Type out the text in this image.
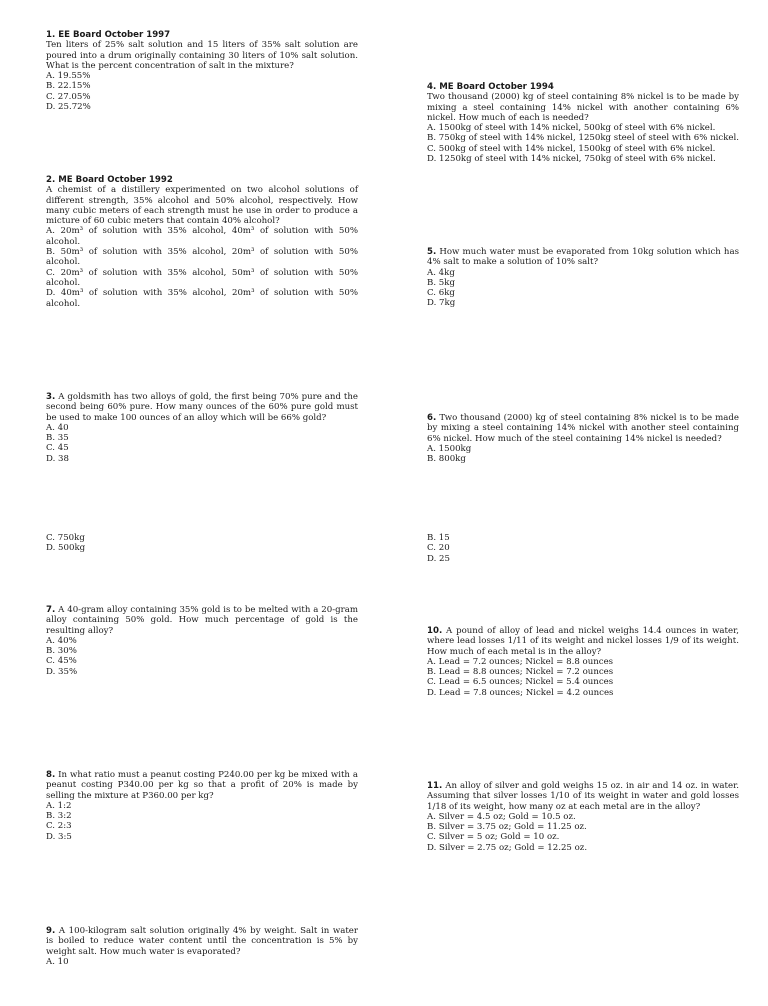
1. EE Board October 1997
Ten liters of 25% salt solution and 15 liters of 35% salt solution are poured into a drum originally containing 30 liters of 10% salt solution. What is the percent concentration of salt in the mixture?
A. 19.55%
B. 22.15%
C. 27.05%
D. 25.72%
4. ME Board October 1994
Two thousand (2000) kg of steel containing 8% nickel is to be made by mixing a steel containing 14% nickel with another containing 6% nickel. How much of each is needed?
A. 1500kg of steel with 14% nickel, 500kg of steel with 6% nickel.
B. 750kg of steel with 14% nickel, 1250kg steel of steel with 6% nickel.
C. 500kg of steel with 14% nickel, 1500kg of steel with 6% nickel.
D. 1250kg of steel with 14% nickel, 750kg of steel with 6% nickel.
2. ME Board October 1992
A chemist of a distillery experimented on two alcohol solutions of different strength, 35% alcohol and 50% alcohol, respectively. How many cubic meters of each strength must he use in order to produce a micture of 60 cubic meters that contain 40% alcohol?
A. 20m³ of solution with 35% alcohol, 40m³ of solution with 50% alcohol.
B. 50m³ of solution with 35% alcohol, 20m³ of solution with 50% alcohol.
C. 20m³ of solution with 35% alcohol, 50m³ of solution with 50% alcohol.
D. 40m³ of solution with 35% alcohol, 20m³ of solution with 50% alcohol.
5. How much water must be evaporated from 10kg solution which has 4% salt to make a solution of 10% salt?
A. 4kg
B. 5kg
C. 6kg
D. 7kg
3. A goldsmith has two alloys of gold, the first being 70% pure and the second being 60% pure. How many ounces of the 60% pure gold must be used to make 100 ounces of an alloy which will be 66% gold?
A. 40
B. 35
C. 45
D. 38
6. Two thousand (2000) kg of steel containing 8% nickel is to be made by mixing a steel containing 14% nickel with another steel containing 6% nickel. How much of the steel containing 14% nickel is needed?
A. 1500kg
B. 800kg
C. 750kg
D. 500kg
B. 15
C. 20
D. 25
7. A 40-gram alloy containing 35% gold is to be melted with a 20-gram alloy containing 50% gold. How much percentage of gold is the resulting alloy?
A. 40%
B. 30%
C. 45%
D. 35%
10. A pound of alloy of lead and nickel weighs 14.4 ounces in water, where lead losses 1/11 of its weight and nickel losses 1/9 of its weight. How much of each metal is in the alloy?
A. Lead = 7.2 ounces; Nickel = 8.8 ounces
B. Lead = 8.8 ounces; Nickel = 7.2 ounces
C. Lead = 6.5 ounces; Nickel = 5.4 ounces
D. Lead = 7.8 ounces; Nickel = 4.2 ounces
8. In what ratio must a peanut costing P240.00 per kg be mixed with a peanut costing P340.00 per kg so that a profit of 20% is made by selling the mixture at P360.00 per kg?
A. 1:2
B. 3:2
C. 2:3
D. 3:5
11. An alloy of silver and gold weighs 15 oz. in air and 14 oz. in water. Assuming that silver losses 1/10 of its weight in water and gold losses 1/18 of its weight, how many oz at each metal are in the alloy?
A. Silver = 4.5 oz; Gold = 10.5 oz.
B. Silver = 3.75 oz; Gold = 11.25 oz.
C. Silver = 5 oz; Gold = 10 oz.
D. Silver = 2.75 oz; Gold = 12.25 oz.
9. A 100-kilogram salt solution originally 4% by weight. Salt in water is boiled to reduce water content until the concentration is 5% by weight salt. How much water is evaporated?
A. 10
